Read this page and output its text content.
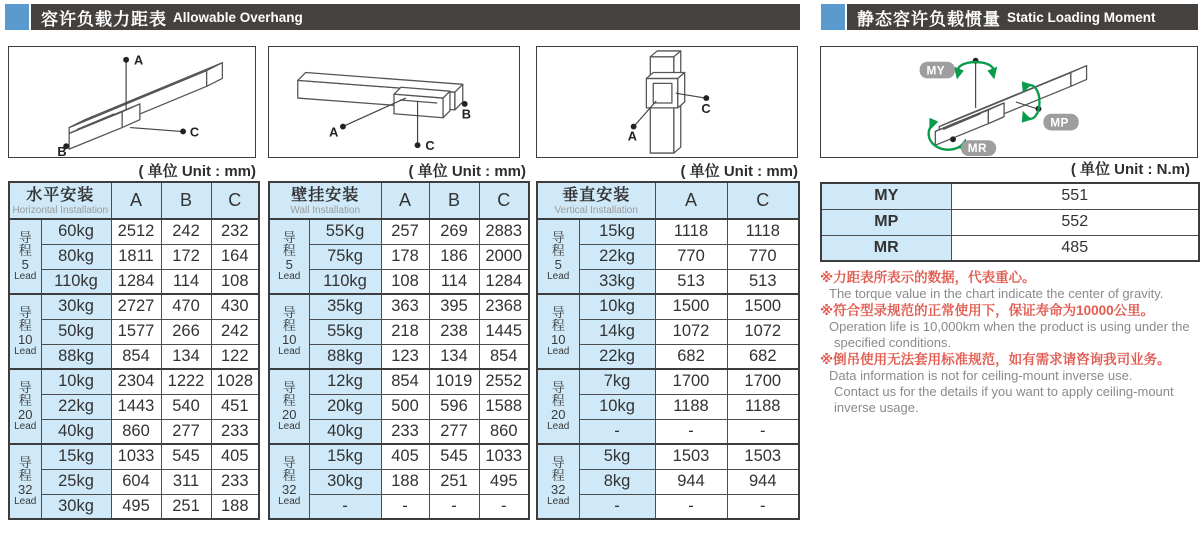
容许负载力距表 Allowable Overhang	静态容许负载惯量 Static Loading Moment
A
B
C
( 单位 Unit : mm)
B
A
C
( 单位 Unit : mm)
A
C
( 单位 Unit : mm)
MY
MP
MR
( 单位 Unit : N.m)
水平安装
Horizontal Installation		A	B	C

导
程
5
Lead	60kg	2512	242	232
	80kg	1811	172	164
	110kg	1284	114	108

导
程
10
Lead	30kg	2727	470	430
	50kg	1577	266	242
	88kg	854	134	122

导
程
20
Lead	10kg	2304	1222	1028
	22kg	1443	540	451
	40kg	860	277	233

导
程
32
Lead	15kg	1033	545	405
	25kg	604	311	233
	30kg	495	251	188
壁挂安装
Wall Installation		A	B	C

导
程
5
Lead	55Kg	257	269	2883
	75kg	178	186	2000
	110kg	108	114	1284

导
程
10
Lead	35kg	363	395	2368
	55kg	218	238	1445
	88kg	123	134	854

导
程
20
Lead	12kg	854	1019	2552
	20kg	500	596	1588
	40kg	233	277	860

导
程
32
Lead	15kg	405	545	1033
	30kg	188	251	495
	-	-	-	-
垂直安装
Vertical Installation		A	C

导
程
5
Lead	15kg	1118	1118
	22kg	770	770
	33kg	513	513

导
程
10
Lead	10kg	1500	1500
	14kg	1072	1072
	22kg	682	682

导
程
20
Lead	7kg	1700	1700
	10kg	1188	1188
	-	-	-

导
程
32
Lead	5kg	1503	1503
	8kg	944	944
	-	-	-
MY	551
MP	552
MR	485
※力距表所表示的数据，代表重心。
The torque value in the chart indicate the center of gravity.
※符合型录规范的正常使用下，保证寿命为10000公里。
Operation life is 10,000km when the product is using under the
specified conditions.
※倒吊使用无法套用标准规范，如有需求请咨询我司业务。
Data information is not for ceiling-mount inverse use.
Contact us for the details if you want to apply ceiling-mount
inverse usage.
